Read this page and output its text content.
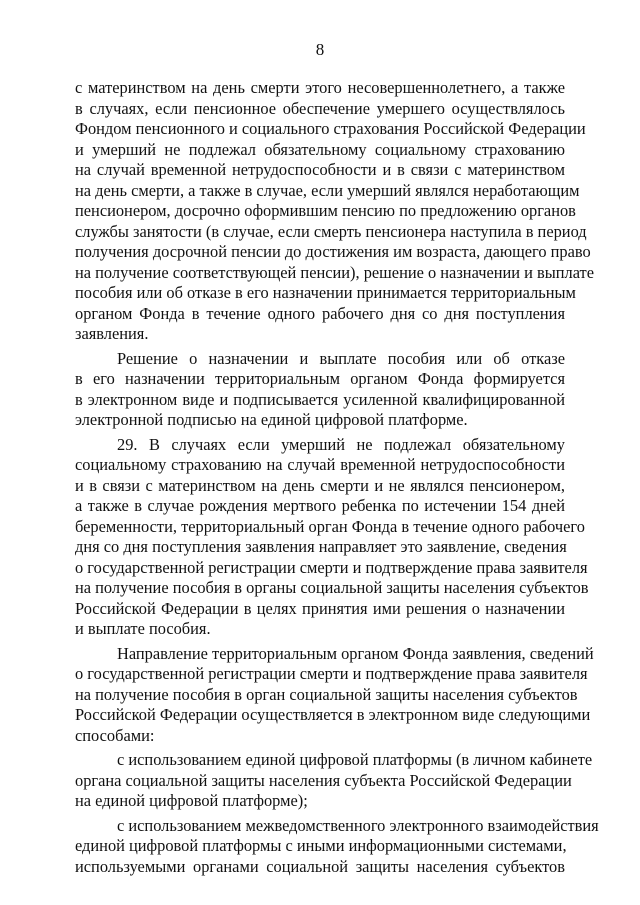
8
с материнством на день смерти этого несовершеннолетнего, а также
в случаях, если пенсионное обеспечение умершего осуществлялось
Фондом пенсионного и социального страхования Российской Федерации
и умерший не подлежал обязательному социальному страхованию
на случай временной нетрудоспособности и в связи с материнством
на день смерти, а также в случае, если умерший являлся неработающим
пенсионером, досрочно оформившим пенсию по предложению органов
службы занятости (в случае, если смерть пенсионера наступила в период
получения досрочной пенсии до достижения им возраста, дающего право
на получение соответствующей пенсии), решение о назначении и выплате
пособия или об отказе в его назначении принимается территориальным
органом Фонда в течение одного рабочего дня со дня поступления
заявления.
Решение о назначении и выплате пособия или об отказе
в его назначении территориальным органом Фонда формируется
в электронном виде и подписывается усиленной квалифицированной
электронной подписью на единой цифровой платформе.
29. В случаях если умерший не подлежал обязательному
социальному страхованию на случай временной нетрудоспособности
и в связи с материнством на день смерти и не являлся пенсионером,
а также в случае рождения мертвого ребенка по истечении 154 дней
беременности, территориальный орган Фонда в течение одного рабочего
дня со дня поступления заявления направляет это заявление, сведения
о государственной регистрации смерти и подтверждение права заявителя
на получение пособия в органы социальной защиты населения субъектов
Российской Федерации в целях принятия ими решения о назначении
и выплате пособия.
Направление территориальным органом Фонда заявления, сведений
о государственной регистрации смерти и подтверждение права заявителя
на получение пособия в орган социальной защиты населения субъектов
Российской Федерации осуществляется в электронном виде следующими
способами:
с использованием единой цифровой платформы (в личном кабинете
органа социальной защиты населения субъекта Российской Федерации
на единой цифровой платформе);
с использованием межведомственного электронного взаимодействия
единой цифровой платформы с иными информационными системами,
используемыми органами социальной защиты населения субъектов
